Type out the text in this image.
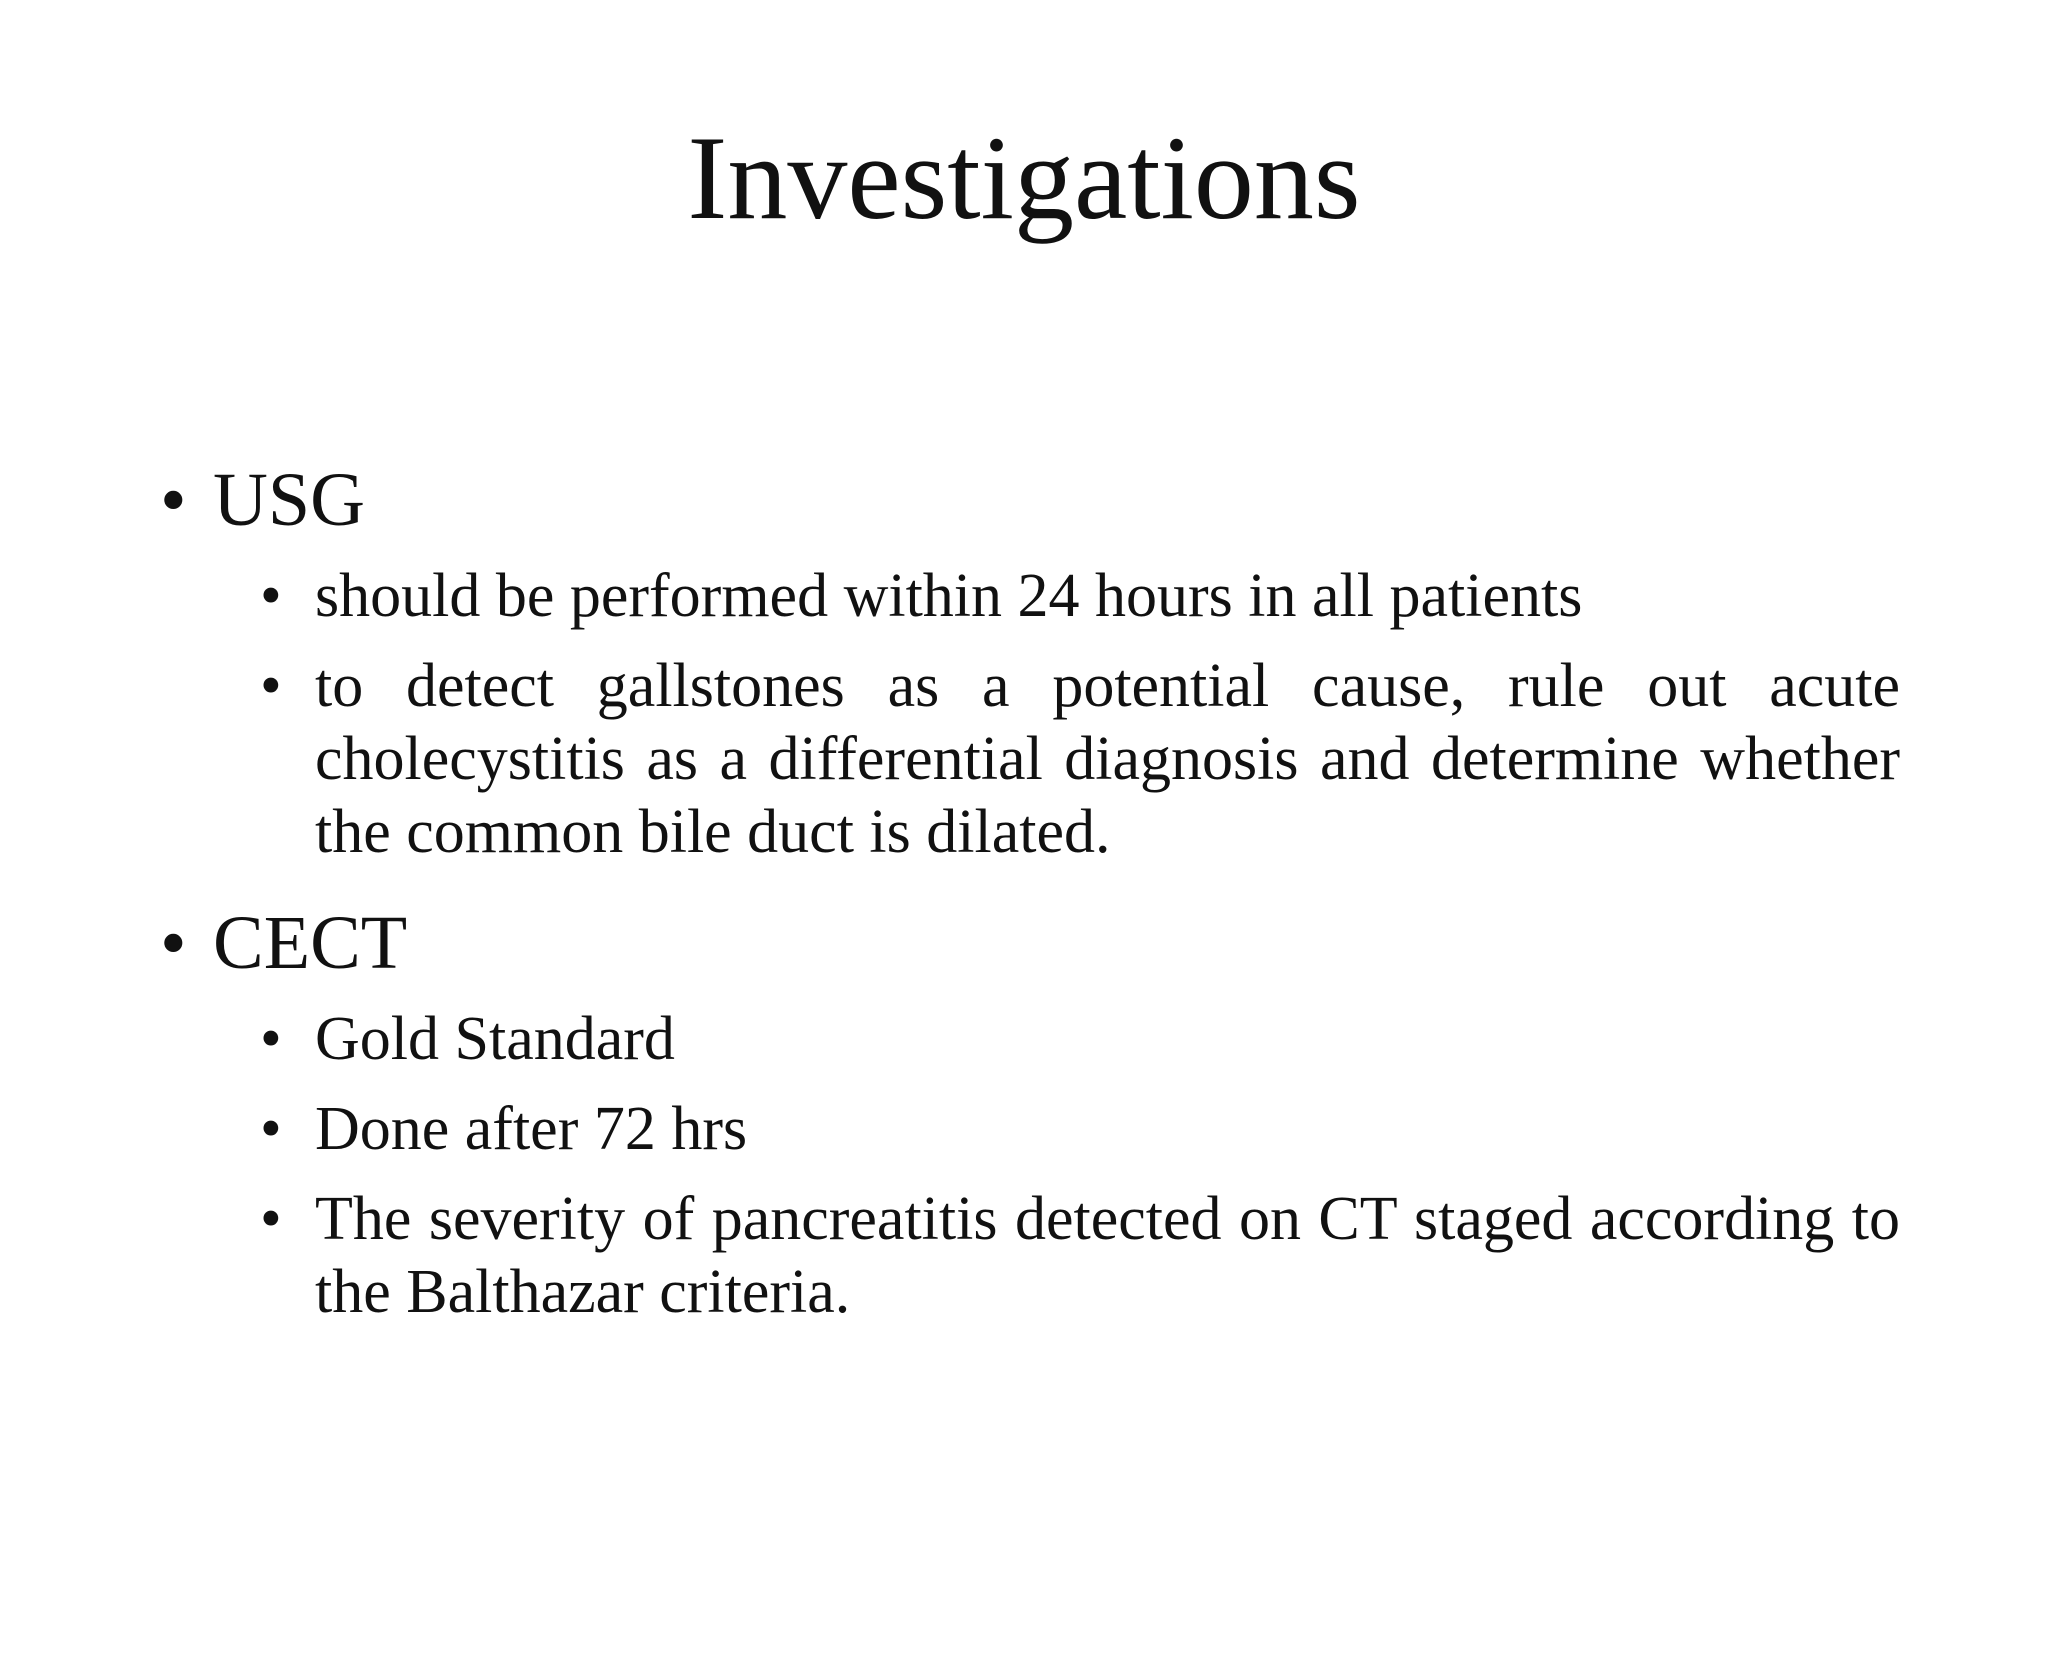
Investigations
• USG
• should be performed within 24 hours in all patients
• to detect gallstones as a potential cause, rule out acute cholecystitis as a differential diagnosis and determine whether the common bile duct is dilated.
• CECT
• Gold Standard
• Done after 72 hrs
• The severity of pancreatitis detected on CT staged according to the Balthazar criteria.
